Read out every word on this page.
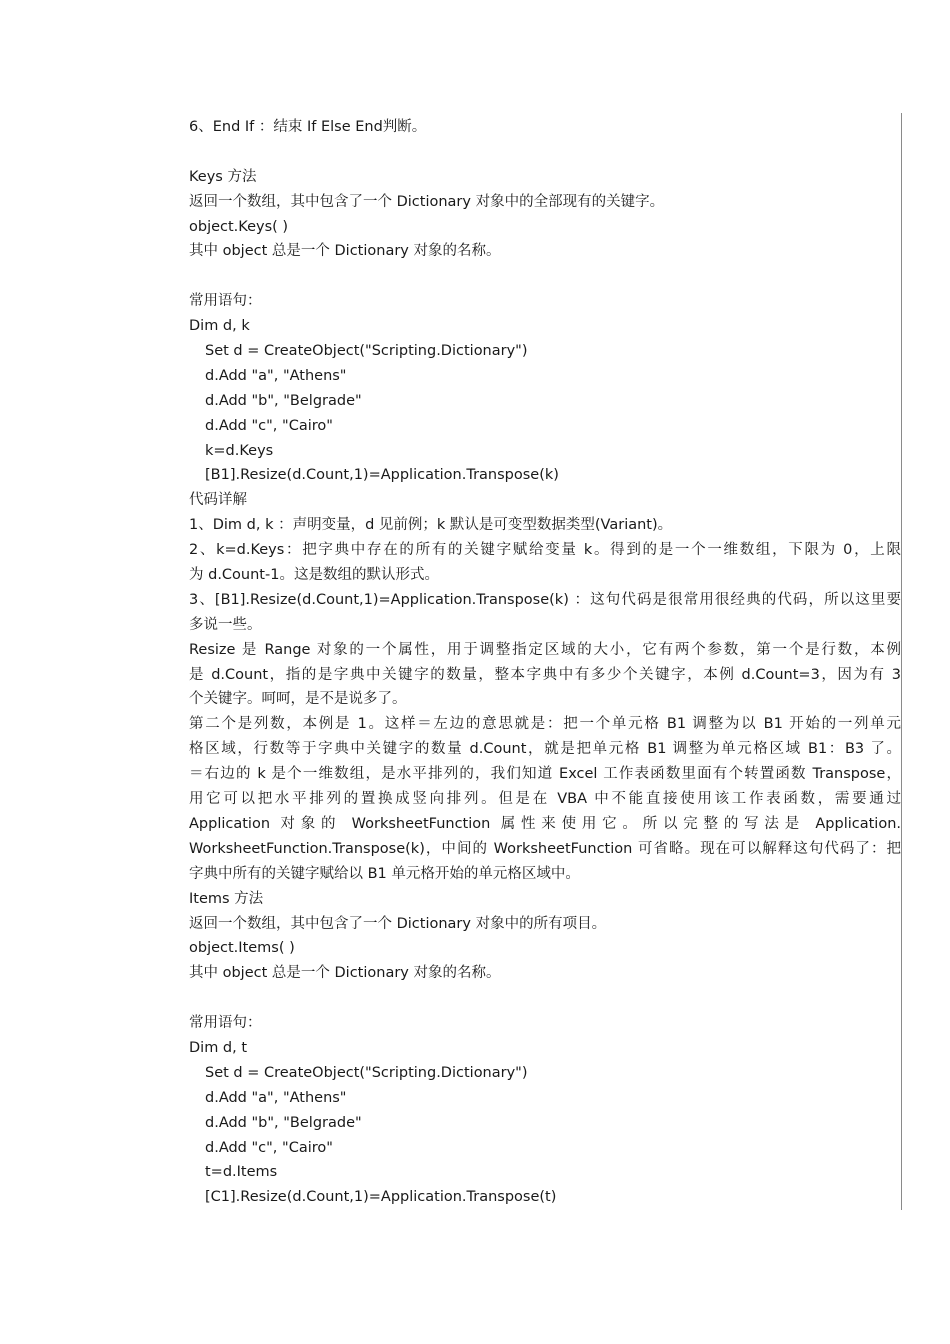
6、End If ：结束 If Else End判断。
Keys 方法
返回一个数组，其中包含了一个 Dictionary 对象中的全部现有的关键字。
object.Keys( )
其中 object 总是一个 Dictionary 对象的名称。
常用语句：
Dim d, k
Set d = CreateObject("Scripting.Dictionary")
d.Add "a", "Athens"
d.Add "b", "Belgrade"
d.Add "c", "Cairo"
k=d.Keys
[B1].Resize(d.Count,1)=Application.Transpose(k)
代码详解
1、Dim d, k ：声明变量，d 见前例；k 默认是可变型数据类型(Variant)。
2、k=d.Keys：把字典中存在的所有的关键字赋给变量 k。得到的是一个一维数组，下限为 0，上限
为 d.Count-1。这是数组的默认形式。
3、[B1].Resize(d.Count,1)=Application.Transpose(k) ：这句代码是很常用很经典的代码，所以这里要
多说一些。
Resize 是 Range 对象的一个属性，用于调整指定区域的大小，它有两个参数，第一个是行数，本例
是 d.Count，指的是字典中关键字的数量，整本字典中有多少个关键字，本例 d.Count=3，因为有 3
个关键字。呵呵，是不是说多了。
第二个是列数，本例是 1。这样＝左边的意思就是：把一个单元格 B1 调整为以 B1 开始的一列单元
格区域，行数等于字典中关键字的数量 d.Count，就是把单元格 B1 调整为单元格区域 B1：B3 了。
＝右边的 k 是个一维数组，是水平排列的，我们知道 Excel 工作表函数里面有个转置函数 Transpose，
用它可以把水平排列的置换成竖向排列。但是在 VBA 中不能直接使用该工作表函数，需要通过
Application 对象的 WorksheetFunction 属性来使用它。所以完整的写法是 Application.
WorksheetFunction.Transpose(k)，中间的 WorksheetFunction 可省略。现在可以解释这句代码了：把
字典中所有的关键字赋给以 B1 单元格开始的单元格区域中。
Items 方法
返回一个数组，其中包含了一个 Dictionary 对象中的所有项目。
object.Items( )
其中 object 总是一个 Dictionary 对象的名称。
常用语句：
Dim d, t
Set d = CreateObject("Scripting.Dictionary")
d.Add "a", "Athens"
d.Add "b", "Belgrade"
d.Add "c", "Cairo"
t=d.Items
[C1].Resize(d.Count,1)=Application.Transpose(t)
